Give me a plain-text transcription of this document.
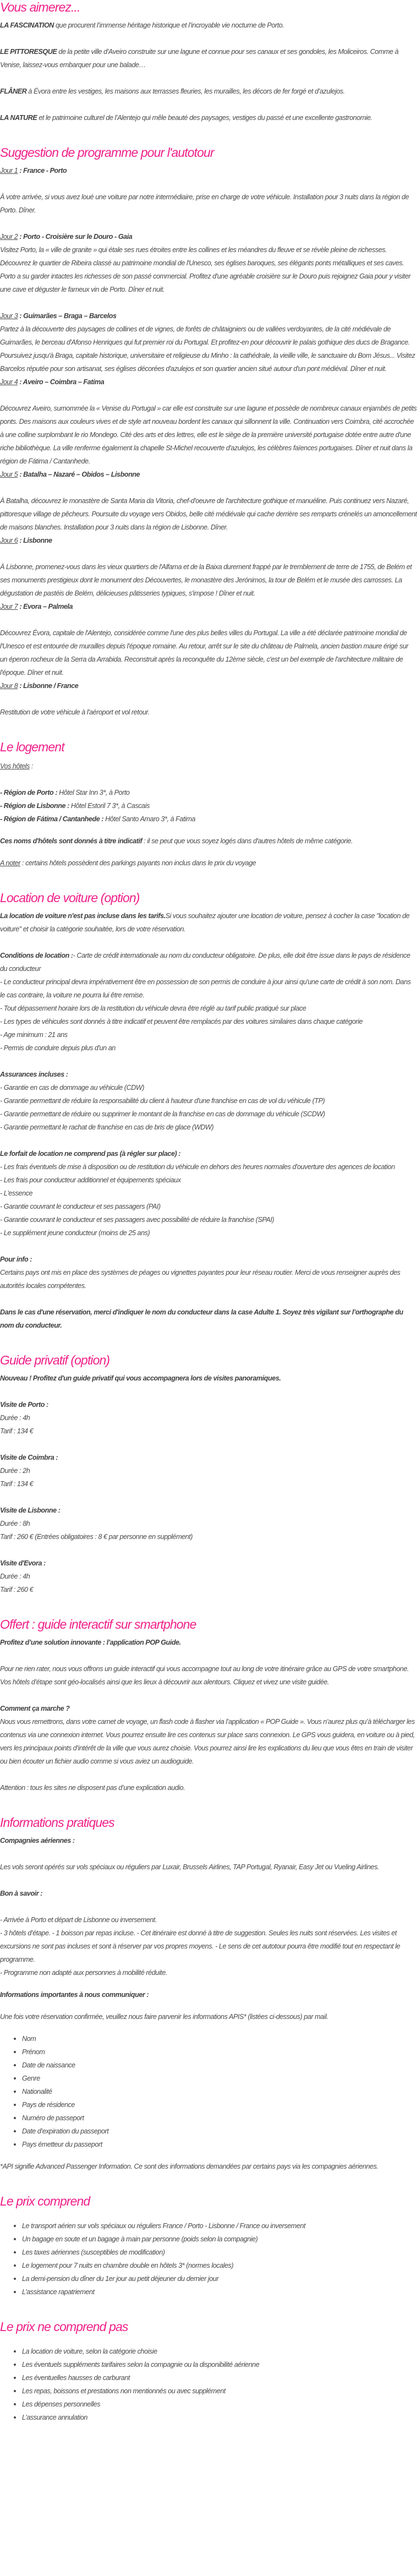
Vous aimerez...

LA FASCINATION que procurent l’immense héritage historique et l’incroyable vie nocturne de Porto.

LE PITTORESQUE de la petite ville d’Aveiro construite sur une lagune et connue pour ses canaux et ses gondoles, les Moliceiros. Comme à Venise, laissez-vous embarquer pour une balade…

FLÂNER à Évora entre les vestiges, les maisons aux terrasses fleuries, les murailles, les décors de fer forgé et d’azulejos.

LA NATURE et le patrimoine culturel de l’Alentejo qui mêle beauté des paysages, vestiges du passé et une excellente gastronomie.

Suggestion de programme pour l'autotour

Jour 1 : France - Porto

À votre arrivée, si vous avez loué une voiture par notre intermédiaire, prise en charge de votre véhicule. Installation pour 3 nuits dans la région de Porto. Dîner.

Jour 2 : Porto - Croisière sur le Douro - Gaia

Visitez Porto, la « ville de granite » qui étale ses rues étroites entre les collines et les méandres du fleuve et se révèle pleine de richesses. Découvrez le quartier de Ribeira classé au patrimoine mondial de l'Unesco, ses églises baroques, ses élégants ponts métalliques et ses caves. Porto a su garder intactes les richesses de son passé commercial. Profitez d'une agréable croisière sur le Douro puis rejoignez Gaia pour y visiter une cave et déguster le fameux vin de Porto. Dîner et nuit.

Jour 3 : Guimarães – Braga – Barcelos

Partez à la découverte des paysages de collines et de vignes, de forêts de châtaigniers ou de vallées verdoyantes, de la cité médiévale de Guimarães, le berceau d'Afonso Henriques qui fut premier roi du Portugal. Et profitez-en pour découvrir le palais gothique des ducs de Bragance. Poursuivez jusqu'à Braga, capitale historique, universitaire et religieuse du Minho : la cathédrale, la vieille ville, le sanctuaire du Bom Jésus... Visitez Barcelos réputée pour son artisanat, ses églises décorées d'azulejos et son quartier ancien situé autour d'un pont médiéval. Dîner et nuit.

Jour 4 : Aveiro – Coimbra – Fatima

Découvrez Aveiro, surnommée la « Venise du Portugal » car elle est construite sur une lagune et possède de nombreux canaux enjambés de petits ponts. Des maisons aux couleurs vives et de style art nouveau bordent les canaux qui sillonnent la ville. Continuation vers Coimbra, cité accrochée à une colline surplombant le rio Mondego. Cité des arts et des lettres, elle est le siège de la première université portugaise dotée entre autre d'une riche bibliothèque. La ville renferme également la chapelle St-Michel recouverte d'azulejos, les célèbres faïences portugaises. Dîner et nuit dans la région de Fátima / Cantanhede.

Jour 5 : Batalha – Nazaré – Obidos – Lisbonne

À Batalha, découvrez le monastère de Santa Maria da Vitoria, chef-d'oeuvre de l'architecture gothique et manuéline. Puis continuez vers Nazaré, pittoresque village de pêcheurs. Poursuite du voyage vers Obidos, belle cité médiévale qui cache derrière ses remparts crénelés un amoncellement de maisons blanches. Installation pour 3 nuits dans la région de Lisbonne. Dîner.

Jour 6 : Lisbonne

À Lisbonne, promenez-vous dans les vieux quartiers de l'Alfama et de la Baixa durement frappé par le tremblement de terre de 1755, de Belém et ses monuments prestigieux dont le monument des Découvertes, le monastère des Jerónimos, la tour de Belém et le musée des carrosses. La dégustation de pastéis de Belém, délicieuses pâtisseries typiques, s'impose ! Dîner et nuit.

Jour 7 : Evora – Palmela

Découvrez Évora, capitale de l'Alentejo, considérée comme l'une des plus belles villes du Portugal. La ville a été déclarée patrimoine mondial de l'Unesco et est entourée de murailles depuis l'époque romaine. Au retour, arrêt sur le site du château de Palmela, ancien bastion maure érigé sur un éperon rocheux de la Serra da Arrabida. Reconstruit après la reconquête du 12ème siècle, c'est un bel exemple de l'architecture militaire de l'époque. Dîner et nuit.

Jour 8 : Lisbonne / France

Restitution de votre véhicule à l'aéroport et vol retour.

Le logement

Vos hôtels :

- Région de Porto : Hôtel Star Inn 3*, à Porto

- Région de Lisbonne : Hôtel Estoril 7 3*, à Cascais

- Région de Fátima / Cantanhede : Hôtel Santo Amaro 3*, à Fatima

Ces noms d'hôtels sont donnés à titre indicatif : il se peut que vous soyez logés dans d'autres hôtels de même catégorie.

A noter : certains hôtels possèdent des parkings payants non inclus dans le prix du voyage

Location de voiture (option)

La location de voiture n'est pas incluse dans les tarifs.Si vous souhaitez ajouter une location de voiture, pensez à cocher la case "location de voiture" et choisir la catégorie souhaitée, lors de votre réservation.

Conditions de location :- Carte de crédit internationale au nom du conducteur obligatoire. De plus, elle doit être issue dans le pays de résidence du conducteur

- Le conducteur principal devra impérativement être en possession de son permis de conduire à jour ainsi qu'une carte de crédit à son nom. Dans le cas contraire, la voiture ne pourra lui être remise.

- Tout dépassement horaire lors de la restitution du véhicule devra être réglé au tarif public pratiqué sur place

- Les types de véhicules sont donnés à titre indicatif et peuvent être remplacés par des voitures similaires dans chaque catégorie

- Age minimum : 21 ans

- Permis de conduire depuis plus d'un an

Assurances incluses :

- Garantie en cas de dommage au véhicule (CDW)

- Garantie permettant de réduire la responsabilité du client à hauteur d'une franchise en cas de vol du véhicule (TP)

- Garantie permettant de réduire ou supprimer le montant de la franchise en cas de dommage du véhicule (SCDW)

- Garantie permettant le rachat de franchise en cas de bris de glace (WDW)

Le forfait de location ne comprend pas (à régler sur place) :

- Les frais éventuels de mise à disposition ou de restitution du véhicule en dehors des heures normales d'ouverture des agences de location

- Les frais pour conducteur additionnel et équipements spéciaux

- L'essence

- Garantie couvrant le conducteur et ses passagers (PAI)

- Garantie couvrant le conducteur et ses passagers avec possibilité de réduire la franchise (SPAI)

- Le supplément jeune conducteur (moins de 25 ans)

Pour info :

Certains pays ont mis en place des systèmes de péages ou vignettes payantes pour leur réseau routier. Merci de vous renseigner auprès des autorités locales compétentes.

Dans le cas d'une réservation, merci d'indiquer le nom du conducteur dans la case Adulte 1. Soyez très vigilant sur l’orthographe du nom du conducteur.

Guide privatif (option)

Nouveau ! Profitez d'un guide privatif qui vous accompagnera lors de visites panoramiques.

Visite de Porto :

Durée : 4h

Tarif : 134 €

Visite de Coimbra :

Durée : 2h

Tarif : 134 €

Visite de Lisbonne :

Durée : 8h

Tarif : 260 € (Entrées obligatoires : 8 € par personne en supplément)

Visite d'Evora :

Durée : 4h

Tarif : 260 €

Offert : guide interactif sur smartphone

Profitez d’une solution innovante : l’application POP Guide.

Pour ne rien rater, nous vous offrons un guide interactif qui vous accompagne tout au long de votre itinéraire grâce au GPS de votre smartphone. Vos hôtels d’étape sont géo-localisés ainsi que les lieux à découvrir aux alentours. Cliquez et vivez une visite guidée.

Comment ça marche ?

Nous vous remettrons, dans votre carnet de voyage, un flash code à flasher via l’application « POP Guide ». Vous n’aurez plus qu’à télécharger les contenus via une connexion internet. Vous pourrez ensuite lire ces contenus sur place sans connexion. Le GPS vous guidera, en voiture ou à pied, vers les principaux points d’intérêt de la ville que vous aurez choisie. Vous pourrez ainsi lire les explications du lieu que vous êtes en train de visiter ou bien écouter un fichier audio comme si vous aviez un audioguide.

Attention : tous les sites ne disposent pas d’une explication audio.

Informations pratiques

Compagnies aériennes :

Les vols seront opérés sur vols spéciaux ou réguliers par Luxair, Brussels Airlines, TAP Portugal, Ryanair, Easy Jet ou Vueling Airlines.

Bon à savoir :

- Arrivée à Porto et départ de Lisbonne ou inversement.

- 3 hôtels d’étape. - 1 boisson par repas incluse. - Cet itinéraire est donné à titre de suggestion. Seules les nuits sont réservées. Les visites et excursions ne sont pas incluses et sont à réserver par vos propres moyens. - Le sens de cet autotour pourra être modifié tout en respectant le programme.

- Programme non adapté aux personnes à mobilité réduite.

Informations importantes à nous communiquer :

Une fois votre réservation confirmée, veuillez nous faire parvenir les informations APIS* (listées ci-dessous) par mail.

Nom
Prénom
Date de naissance
Genre
Nationalité
Pays de résidence
Numéro de passeport
Date d’expiration du passeport
Pays émetteur du passeport

*API signifie Advanced Passenger Information. Ce sont des informations demandées par certains pays via les compagnies aériennes.

Le prix comprend
Le transport aérien sur vols spéciaux ou réguliers France / Porto - Lisbonne / France ou inversement
Un bagage en soute et un bagage à main par personne (poids selon la compagnie)
Les taxes aériennes (susceptibles de modification)
Le logement pour 7 nuits en chambre double en hôtels 3* (normes locales)
La demi-pension du dîner du 1er jour au petit déjeuner du dernier jour
L’assistance rapatriement
Le prix ne comprend pas
La location de voiture, selon la catégorie choisie
Les éventuels suppléments tarifaires selon la compagnie ou la disponibilité aérienne
Les éventuelles hausses de carburant
Les repas, boissons et prestations non mentionnés ou avec supplément
Les dépenses personnelles
L’assurance annulation
